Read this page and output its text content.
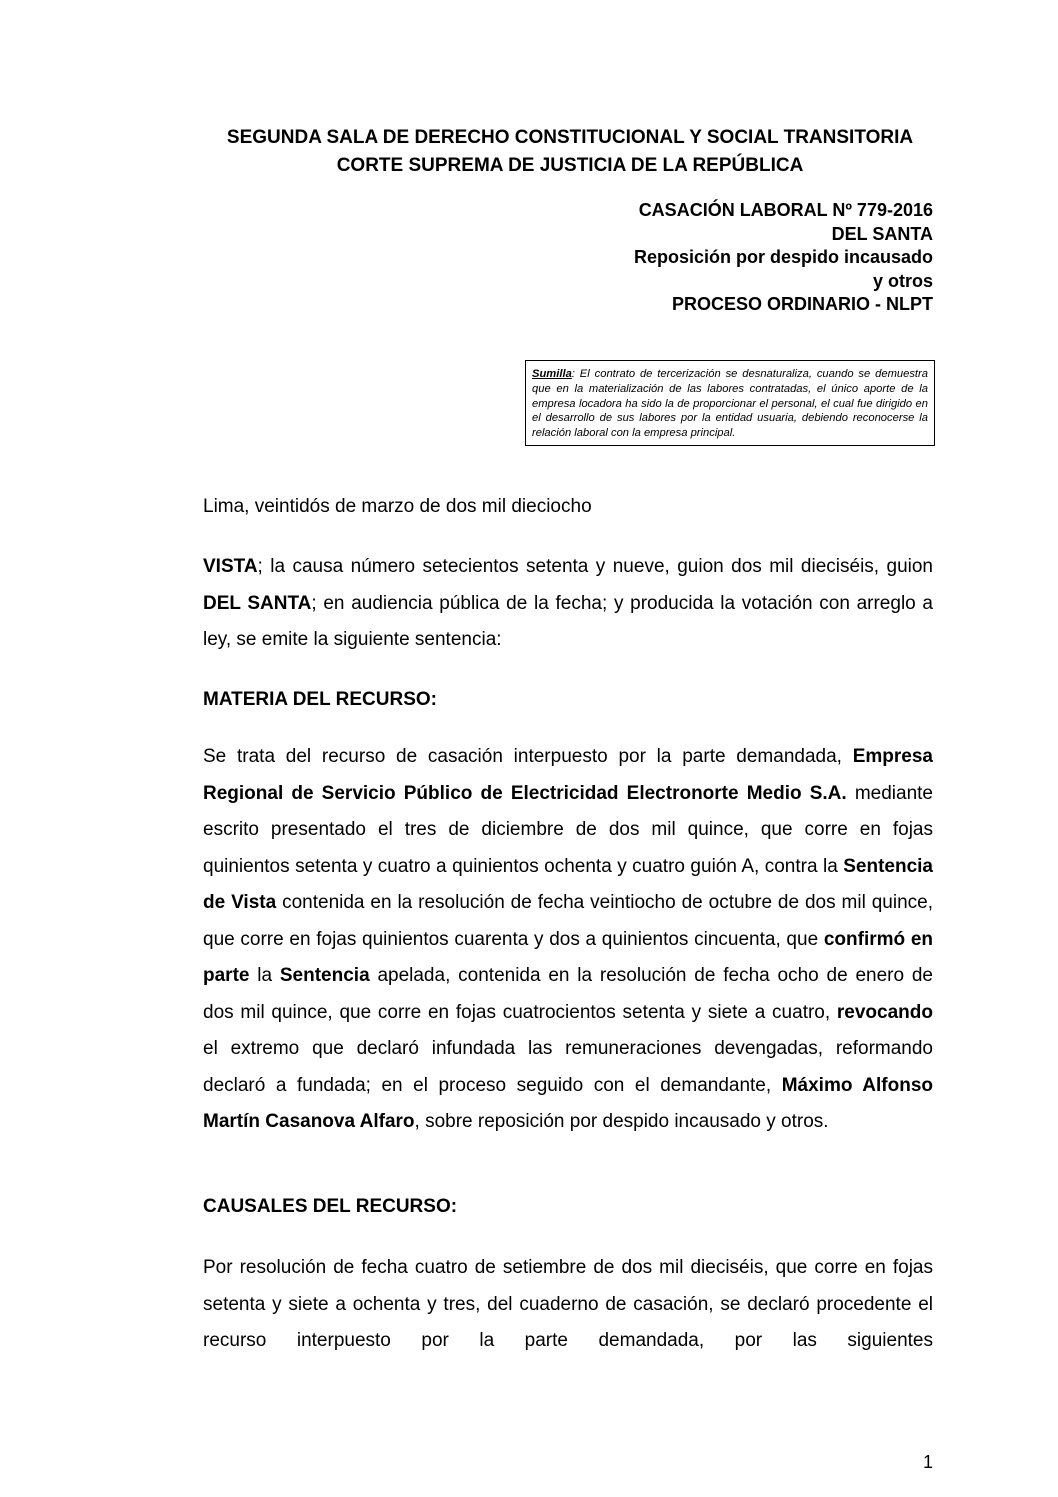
SEGUNDA SALA DE DERECHO CONSTITUCIONAL Y SOCIAL TRANSITORIA
CORTE SUPREMA DE JUSTICIA DE LA REPÚBLICA
CASACIÓN LABORAL Nº 779-2016
DEL SANTA
Reposición por despido incausado
y otros
PROCESO ORDINARIO - NLPT
Sumilla: El contrato de tercerización se desnaturaliza, cuando se demuestra que en la materialización de las labores contratadas, el único aporte de la empresa locadora ha sido la de proporcionar el personal, el cual fue dirigido en el desarrollo de sus labores por la entidad usuaria, debiendo reconocerse la relación laboral con la empresa principal.
Lima, veintidós de marzo de dos mil dieciocho
VISTA; la causa número setecientos setenta y nueve, guion dos mil dieciséis, guion DEL SANTA; en audiencia pública de la fecha; y producida la votación con arreglo a ley, se emite la siguiente sentencia:
MATERIA DEL RECURSO:
Se trata del recurso de casación interpuesto por la parte demandada, Empresa Regional de Servicio Público de Electricidad Electronorte Medio S.A. mediante escrito presentado el tres de diciembre de dos mil quince, que corre en fojas quinientos setenta y cuatro a quinientos ochenta y cuatro guión A, contra la Sentencia de Vista contenida en la resolución de fecha veintiocho de octubre de dos mil quince, que corre en fojas quinientos cuarenta y dos a quinientos cincuenta, que confirmó en parte la Sentencia apelada, contenida en la resolución de fecha ocho de enero de dos mil quince, que corre en fojas cuatrocientos setenta y siete a cuatro, revocando el extremo que declaró infundada las remuneraciones devengadas, reformando declaró a fundada; en el proceso seguido con el demandante, Máximo Alfonso Martín Casanova Alfaro, sobre reposición por despido incausado y otros.
CAUSALES DEL RECURSO:
Por resolución de fecha cuatro de setiembre de dos mil dieciséis, que corre en fojas setenta y siete a ochenta y tres, del cuaderno de casación, se declaró procedente el recurso interpuesto por la parte demandada, por las siguientes
1
